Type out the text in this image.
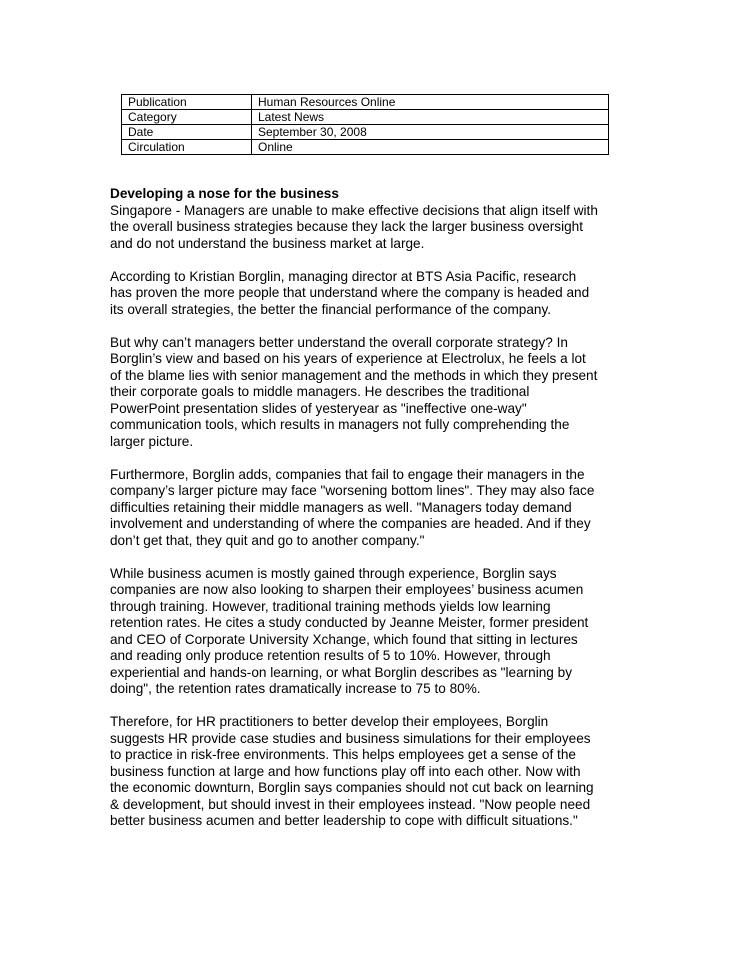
Publication	Human Resources Online
Category	Latest News
Date	September 30, 2008
Circulation	Online

Developing a nose for the business

Singapore - Managers are unable to make effective decisions that align itself with
the overall business strategies because they lack the larger business oversight
and do not understand the business market at large.

According to Kristian Borglin, managing director at BTS Asia Pacific, research
has proven the more people that understand where the company is headed and
its overall strategies, the better the financial performance of the company.

But why can’t managers better understand the overall corporate strategy? In
Borglin’s view and based on his years of experience at Electrolux, he feels a lot
of the blame lies with senior management and the methods in which they present
their corporate goals to middle managers. He describes the traditional
PowerPoint presentation slides of yesteryear as "ineffective one-way"
communication tools, which results in managers not fully comprehending the
larger picture.

Furthermore, Borglin adds, companies that fail to engage their managers in the
company’s larger picture may face "worsening bottom lines". They may also face
difficulties retaining their middle managers as well. "Managers today demand
involvement and understanding of where the companies are headed. And if they
don’t get that, they quit and go to another company."

While business acumen is mostly gained through experience, Borglin says
companies are now also looking to sharpen their employees’ business acumen
through training. However, traditional training methods yields low learning
retention rates. He cites a study conducted by Jeanne Meister, former president
and CEO of Corporate University Xchange, which found that sitting in lectures
and reading only produce retention results of 5 to 10%. However, through
experiential and hands-on learning, or what Borglin describes as "learning by
doing", the retention rates dramatically increase to 75 to 80%.

Therefore, for HR practitioners to better develop their employees, Borglin
suggests HR provide case studies and business simulations for their employees
to practice in risk-free environments. This helps employees get a sense of the
business function at large and how functions play off into each other. Now with
the economic downturn, Borglin says companies should not cut back on learning
& development, but should invest in their employees instead. "Now people need
better business acumen and better leadership to cope with difficult situations."
